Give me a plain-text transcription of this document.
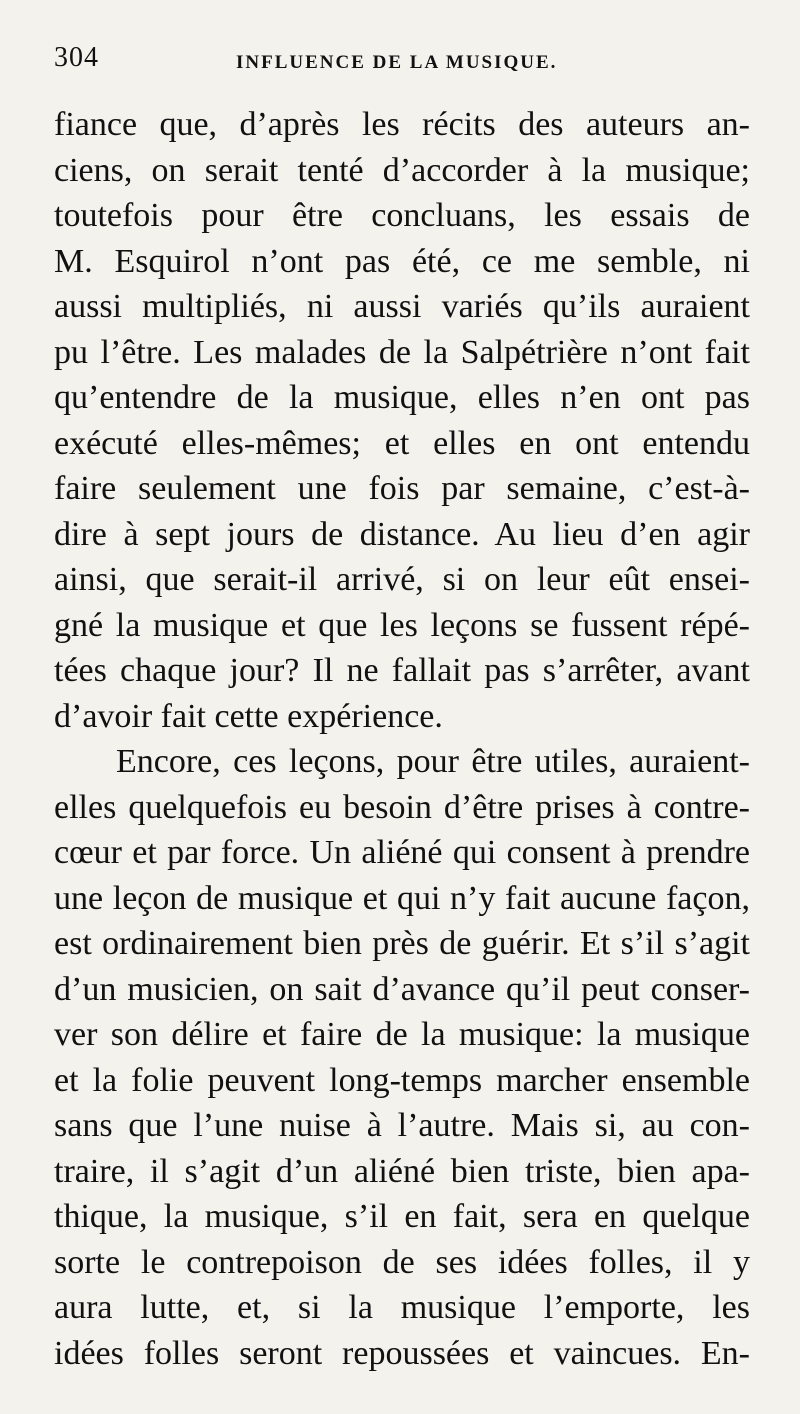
304	INFLUENCE DE LA MUSIQUE.
fiance que, d’après les récits des auteurs an-
ciens, on serait tenté d’accorder à la musique;
toutefois pour être concluans, les essais de
M. Esquirol n’ont pas été, ce me semble, ni
aussi multipliés, ni aussi variés qu’ils auraient
pu l’être. Les malades de la Salpétrière n’ont fait
qu’entendre de la musique, elles n’en ont pas
exécuté elles-mêmes; et elles en ont entendu
faire seulement une fois par semaine, c’est-à-
dire à sept jours de distance. Au lieu d’en agir
ainsi, que serait-il arrivé, si on leur eût ensei-
gné la musique et que les leçons se fussent répé-
tées chaque jour? Il ne fallait pas s’arrêter, avant
d’avoir fait cette expérience.
Encore, ces leçons, pour être utiles, auraient-
elles quelquefois eu besoin d’être prises à contre-
cœur et par force. Un aliéné qui consent à prendre
une leçon de musique et qui n’y fait aucune façon,
est ordinairement bien près de guérir. Et s’il s’agit
d’un musicien, on sait d’avance qu’il peut conser-
ver son délire et faire de la musique: la musique
et la folie peuvent long-temps marcher ensemble
sans que l’une nuise à l’autre. Mais si, au con-
traire, il s’agit d’un aliéné bien triste, bien apa-
thique, la musique, s’il en fait, sera en quelque
sorte le contrepoison de ses idées folles, il y
aura lutte, et, si la musique l’emporte, les
idées folles seront repoussées et vaincues. En-
